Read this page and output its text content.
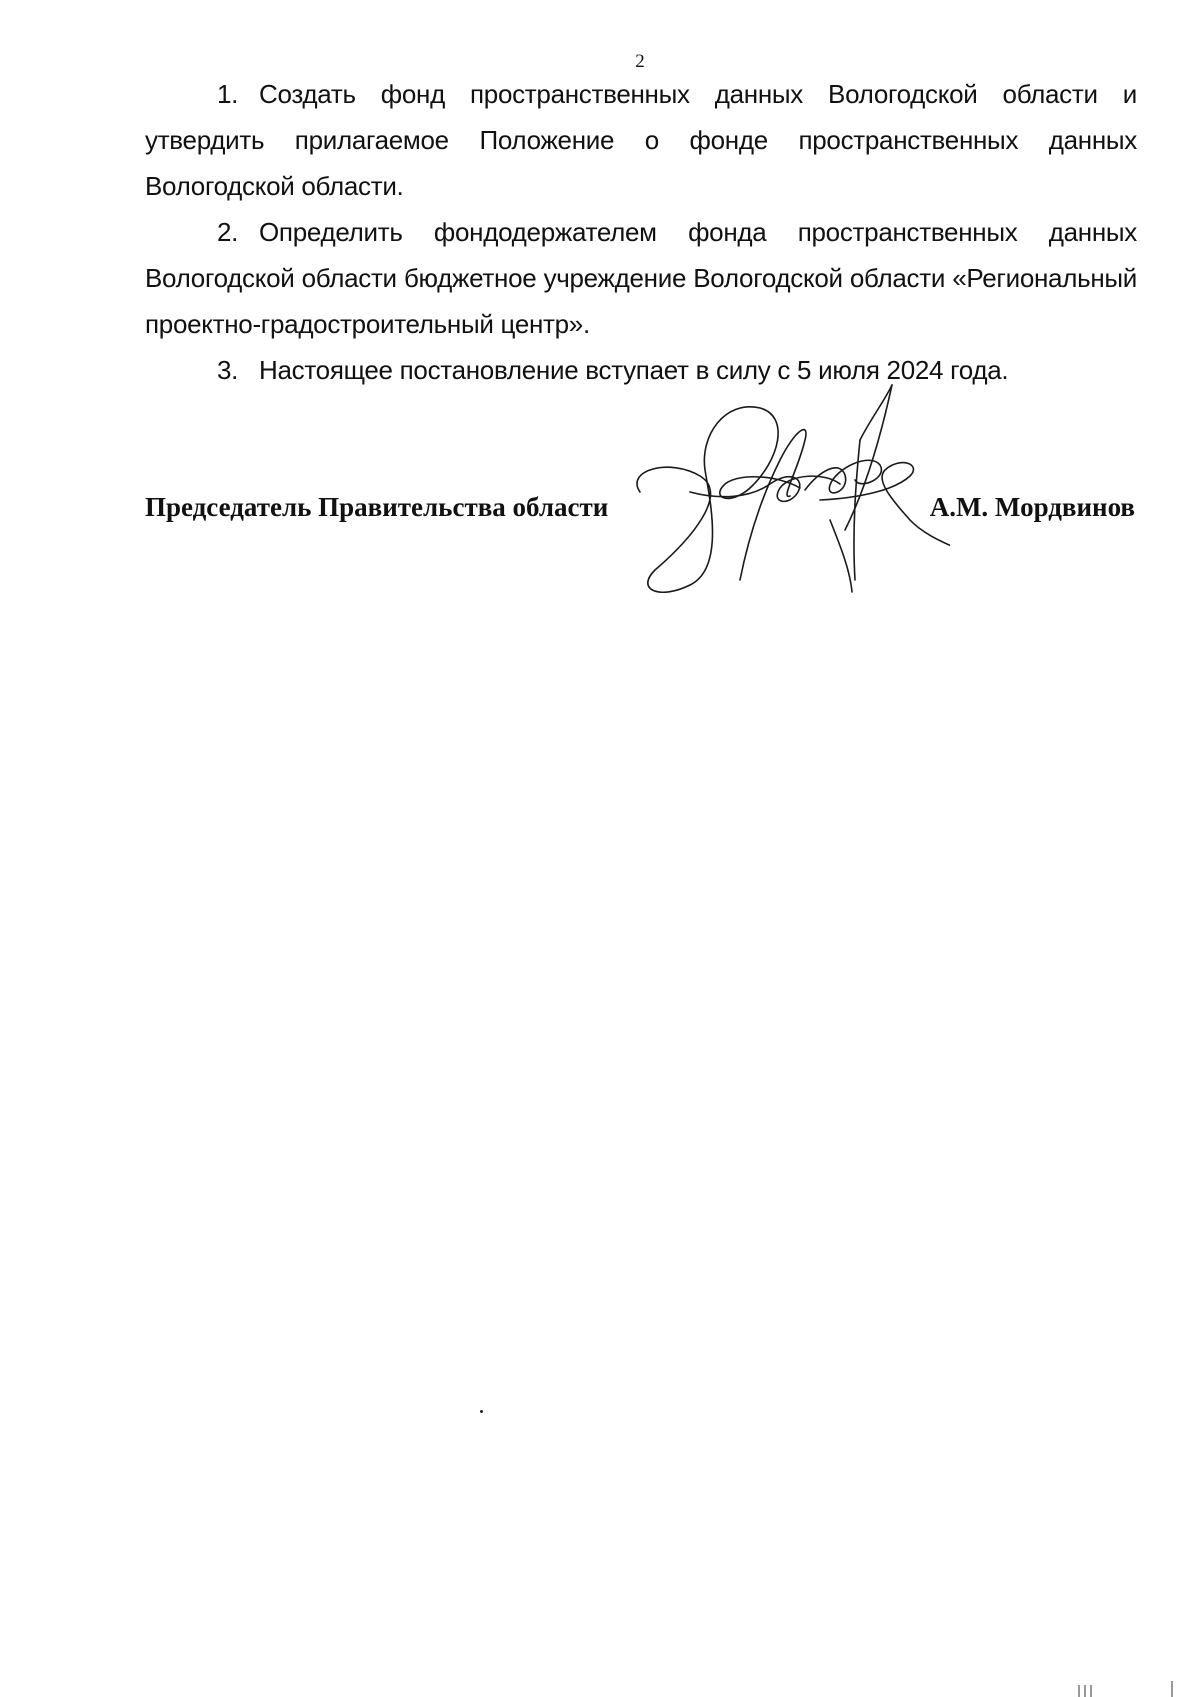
2

1. Создать фонд пространственных данных Вологодской области и утвердить прилагаемое Положение о фонде пространственных данных Вологодской области.

2. Определить фондодержателем фонда пространственных данных Вологодской области бюджетное учреждение Вологодской области «Региональный проектно-градостроительный центр».

3. Настоящее постановление вступает в силу с 5 июля 2024 года.

Председатель Правительства области	А.М. Мордвинов
